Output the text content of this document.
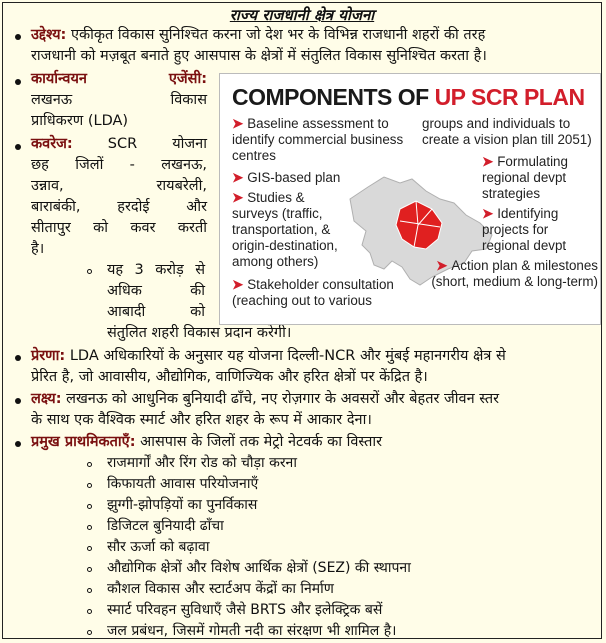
राज्य राजधानी क्षेत्र योजना
उद्देश्य: एकीकृत विकास सुनिश्चित करना जो देश भर के विभिन्न राजधानी शहरों की तरह
राजधानी को मज़बूत बनाते हुए आसपास के क्षेत्रों में संतुलित विकास सुनिश्चित करता है।
कार्यान्वयन एजेंसी:
लखनऊ विकास
प्राधिकरण (LDA)
कवरेज: SCR योजना
छह जिलों - लखनऊ,
उन्नाव, रायबरेली,
बाराबंकी, हरदोई और
सीतापुर को कवर करती
है।
यह 3 करोड़ से
अधिक की
आबादी को
संतुलित शहरी विकास प्रदान करेगी।
प्रेरणा: LDA अधिकारियों के अनुसार यह योजना दिल्ली-NCR और मुंबई महानगरीय क्षेत्र से
प्रेरित है, जो आवासीय, औद्योगिक, वाणिज्यिक और हरित क्षेत्रों पर केंद्रित है।
लक्ष्य: लखनऊ को आधुनिक बुनियादी ढाँचे, नए रोज़गार के अवसरों और बेहतर जीवन स्तर
के साथ एक वैश्विक स्मार्ट और हरित शहर के रूप में आकार देना।
प्रमुख प्राथमिकताएँ: आसपास के जिलों तक मेट्रो नेटवर्क का विस्तार
राजमार्गों और रिंग रोड को चौड़ा करना
किफायती आवास परियोजनाएँ
झुग्गी-झोपड़ियों का पुनर्विकास
डिजिटल बुनियादी ढाँचा
सौर ऊर्जा को बढ़ावा
औद्योगिक क्षेत्रों और विशेष आर्थिक क्षेत्रों (SEZ) की स्थापना
कौशल विकास और स्टार्टअप केंद्रों का निर्माण
स्मार्ट परिवहन सुविधाएँ जैसे BRTS और इलेक्ट्रिक बसें
जल प्रबंधन, जिसमें गोमती नदी का संरक्षण भी शामिल है।
COMPONENTS OF UP SCR PLAN
➤ Baseline assessment to identify commercial business centres
➤ GIS-based plan
➤ Studies & surveys (traffic, transportation, & origin-destination, among others)
➤ Stakeholder consultation (reaching out to various
groups and individuals to create a vision plan till 2051)
➤ Formulating regional devpt strategies
➤ Identifying projects for regional devpt
➤ Action plan & milestones (short, medium & long-term)
